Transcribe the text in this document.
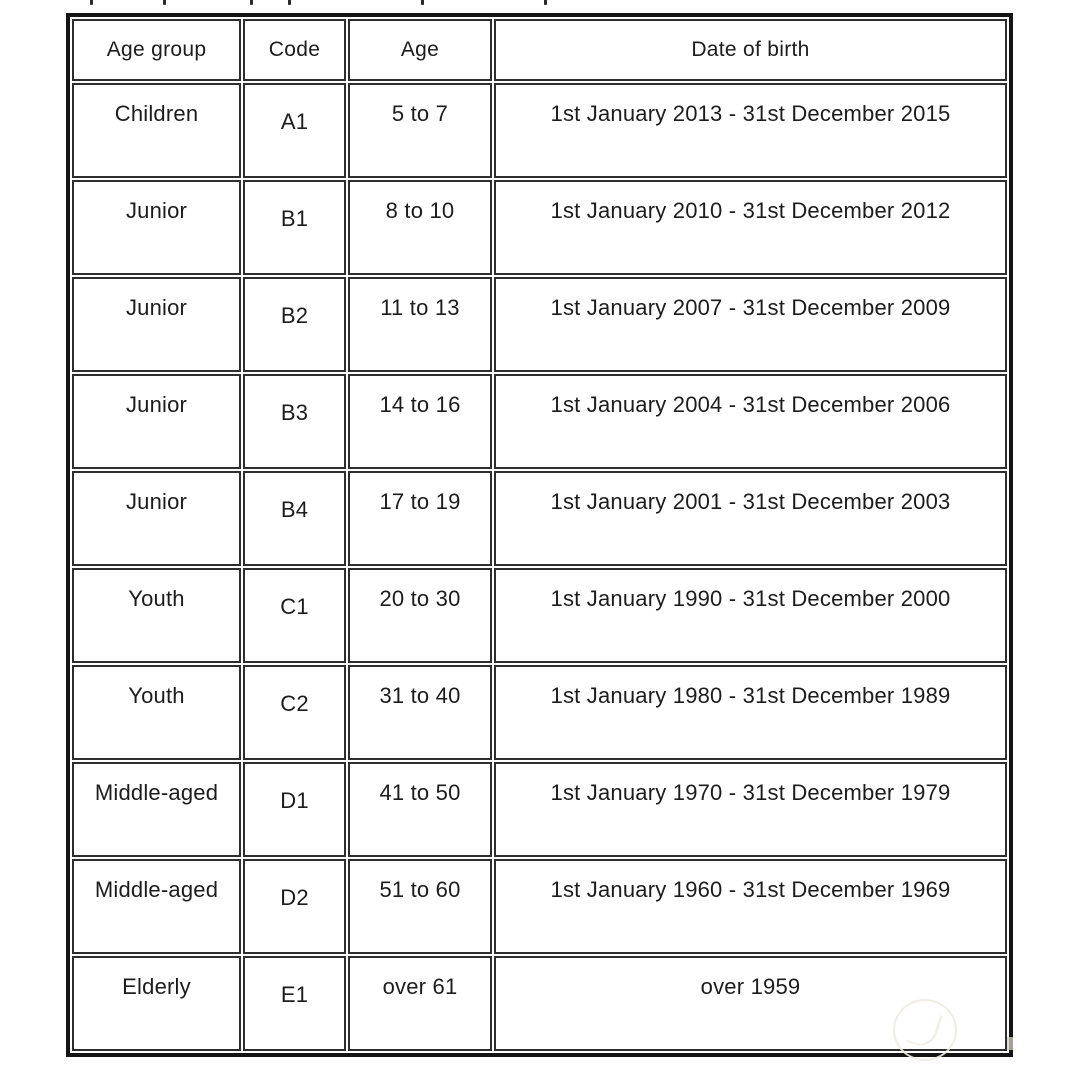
Age group	Code	Age	Date of birth
Children	A1	5 to 7	1st January 2013 - 31st December 2015
Junior	B1	8 to 10	1st January 2010 - 31st December 2012
Junior	B2	11 to 13	1st January 2007 - 31st December 2009
Junior	B3	14 to 16	1st January 2004 - 31st December 2006
Junior	B4	17 to 19	1st January 2001 - 31st December 2003
Youth	C1	20 to 30	1st January 1990 - 31st December 2000
Youth	C2	31 to 40	1st January 1980 - 31st December 1989
Middle-aged	D1	41 to 50	1st January 1970 - 31st December 1979
Middle-aged	D2	51 to 60	1st January 1960 - 31st December 1969
Elderly	E1	over 61	over 1959
